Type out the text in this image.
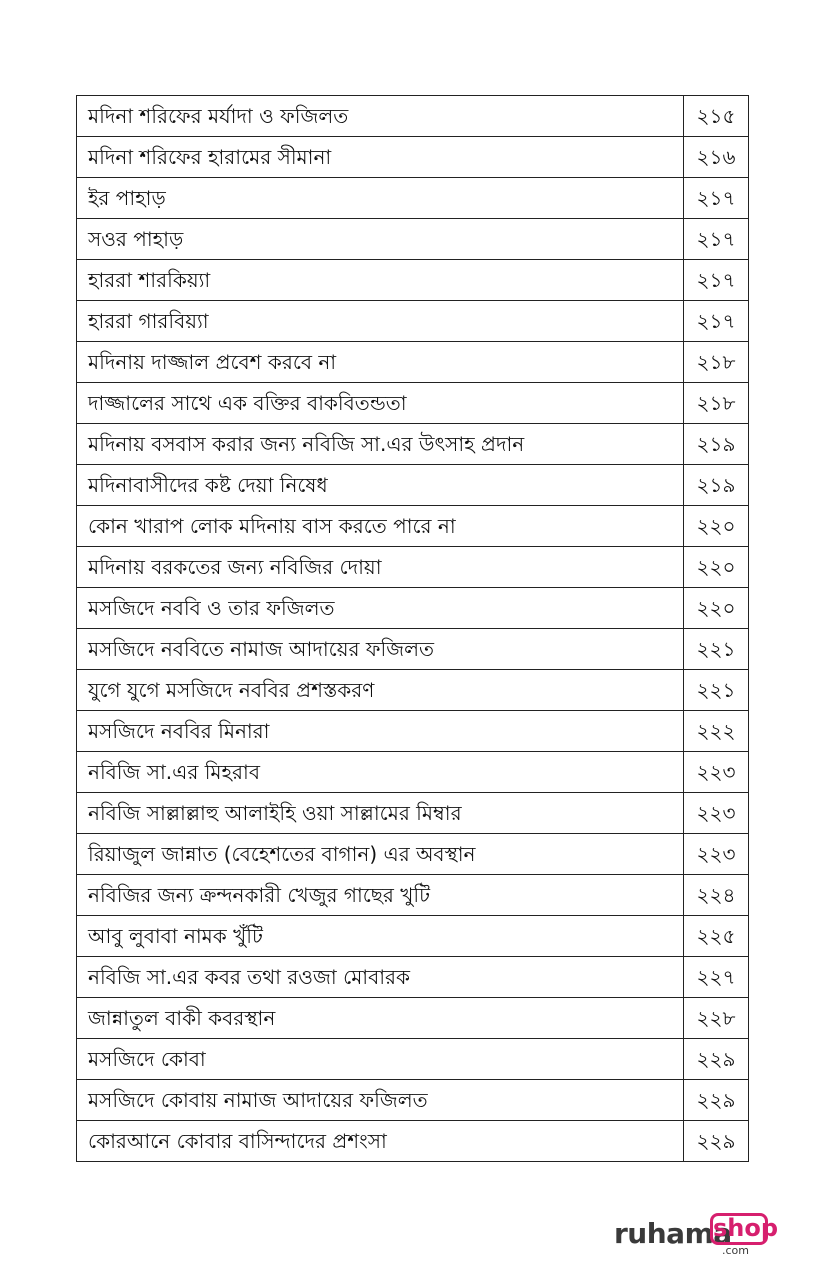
মদিনা শরিফের মর্যাদা ও ফজিলত	২১৫
মদিনা শরিফের হারামের সীমানা	২১৬
ইর পাহাড়	২১৭
সওর পাহাড়	২১৭
হাররা শারকিয়্যা	২১৭
হাররা গারবিয়্যা	২১৭
মদিনায় দাজ্জাল প্রবেশ করবে না	২১৮
দাজ্জালের সাথে এক বক্তির বাকবিতন্ডতা	২১৮
মদিনায় বসবাস করার জন্য নবিজি সা.এর উৎসাহ প্রদান	২১৯
মদিনাবাসীদের কষ্ট দেয়া নিষেধ	২১৯
কোন খারাপ লোক মদিনায় বাস করতে পারে না	২২০
মদিনায় বরকতের জন্য নবিজির দোয়া	২২০
মসজিদে নববি ও তার ফজিলত	২২০
মসজিদে নববিতে নামাজ আদায়ের ফজিলত	২২১
যুগে যুগে মসজিদে নববির প্রশস্তকরণ	২২১
মসজিদে নববির মিনারা	২২২
নবিজি সা.এর মিহরাব	২২৩
নবিজি সাল্লাল্লাহু আলাইহি ওয়া সাল্লামের মিম্বার	২২৩
রিয়াজুল জান্নাত (বেহেশতের বাগান) এর অবস্থান	২২৩
নবিজির জন্য ক্রন্দনকারী খেজুর গাছের খুটি	২২৪
আবু লুবাবা নামক খুঁটি	২২৫
নবিজি সা.এর কবর তথা রওজা মোবারক	২২৭
জান্নাতুল বাকী কবরস্থান	২২৮
মসজিদে কোবা	২২৯
মসজিদে কোবায় নামাজ আদায়ের ফজিলত	২২৯
কোরআনে কোবার বাসিন্দাদের প্রশংসা	২২৯
ruhama
shop
.com
